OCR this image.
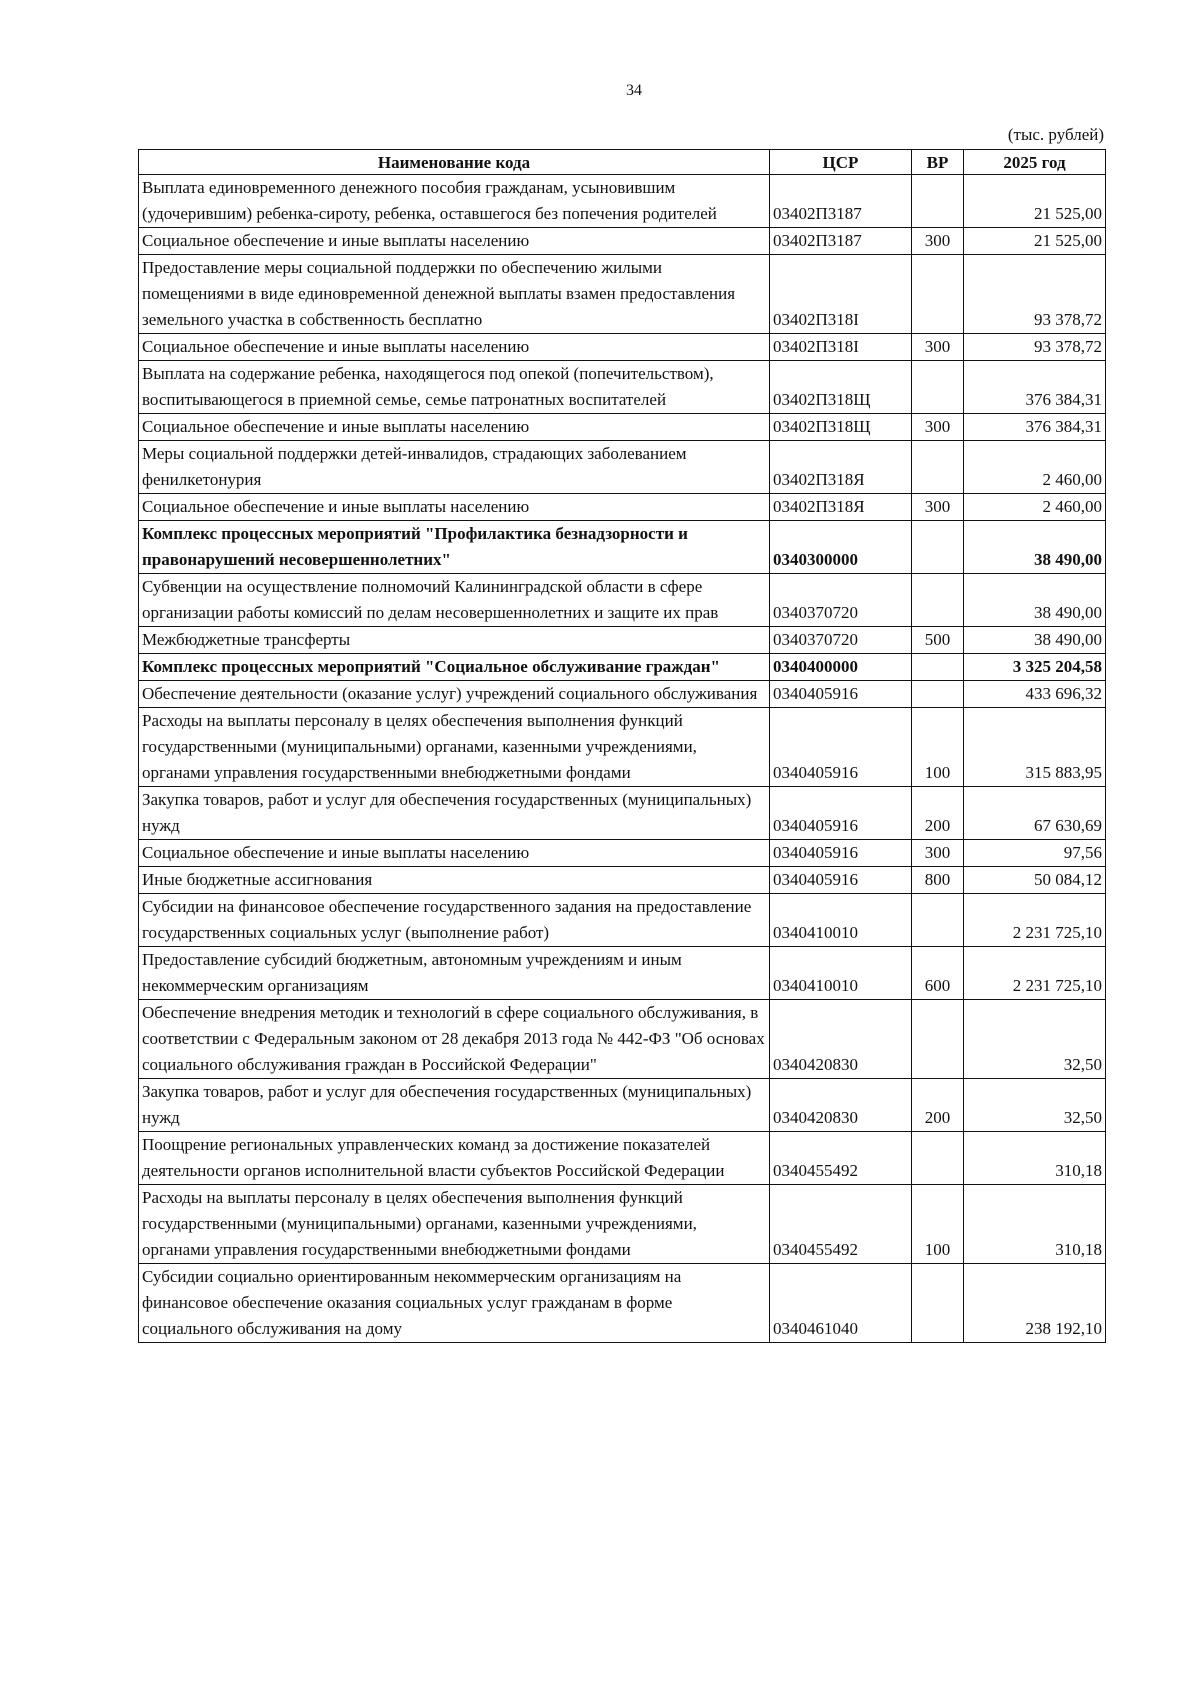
34
(тыс. рублей)
Наименование кода	ЦСР	ВР	2025 год
Выплата единовременного денежного пособия гражданам, усыновившим (удочерившим) ребенка-сироту, ребенка, оставшегося без попечения родителей	03402П3187		21 525,00
Социальное обеспечение и иные выплаты населению	03402П3187	300	21 525,00
Предоставление меры социальной поддержки по обеспечению жилыми помещениями в виде единовременной денежной выплаты взамен предоставления земельного участка в собственность бесплатно	03402П318I		93 378,72
Социальное обеспечение и иные выплаты населению	03402П318I	300	93 378,72
Выплата на содержание ребенка, находящегося под опекой (попечительством), воспитывающегося в приемной семье, семье патронатных воспитателей	03402П318Щ		376 384,31
Социальное обеспечение и иные выплаты населению	03402П318Щ	300	376 384,31
Меры социальной поддержки детей-инвалидов, страдающих заболеванием фенилкетонурия	03402П318Я		2 460,00
Социальное обеспечение и иные выплаты населению	03402П318Я	300	2 460,00
Комплекс процессных мероприятий "Профилактика безнадзорности и правонарушений несовершеннолетних"	0340300000		38 490,00
Субвенции на осуществление полномочий Калининградской области в сфере организации работы комиссий по делам несовершеннолетних и защите их прав	0340370720		38 490,00
Межбюджетные трансферты	0340370720	500	38 490,00
Комплекс процессных мероприятий "Социальное обслуживание граждан"	0340400000		3 325 204,58
Обеспечение деятельности (оказание услуг) учреждений социального обслуживания	0340405916		433 696,32
Расходы на выплаты персоналу в целях обеспечения выполнения функций государственными (муниципальными) органами, казенными учреждениями, органами управления государственными внебюджетными фондами	0340405916	100	315 883,95
Закупка товаров, работ и услуг для обеспечения государственных (муниципальных) нужд	0340405916	200	67 630,69
Социальное обеспечение и иные выплаты населению	0340405916	300	97,56
Иные бюджетные ассигнования	0340405916	800	50 084,12
Субсидии на финансовое обеспечение государственного задания на предоставление государственных социальных услуг (выполнение работ)	0340410010		2 231 725,10
Предоставление субсидий бюджетным, автономным учреждениям и иным некоммерческим организациям	0340410010	600	2 231 725,10
Обеспечение внедрения методик и технологий в сфере социального обслуживания, в соответствии с Федеральным законом от 28 декабря 2013 года № 442-ФЗ "Об основах социального обслуживания граждан в Российской Федерации"	0340420830		32,50
Закупка товаров, работ и услуг для обеспечения государственных (муниципальных) нужд	0340420830	200	32,50
Поощрение региональных управленческих команд за достижение показателей деятельности органов исполнительной власти субъектов Российской Федерации	0340455492		310,18
Расходы на выплаты персоналу в целях обеспечения выполнения функций государственными (муниципальными) органами, казенными учреждениями, органами управления государственными внебюджетными фондами	0340455492	100	310,18
Субсидии социально ориентированным некоммерческим организациям на финансовое обеспечение оказания социальных услуг гражданам в форме социального обслуживания на дому	0340461040		238 192,10
